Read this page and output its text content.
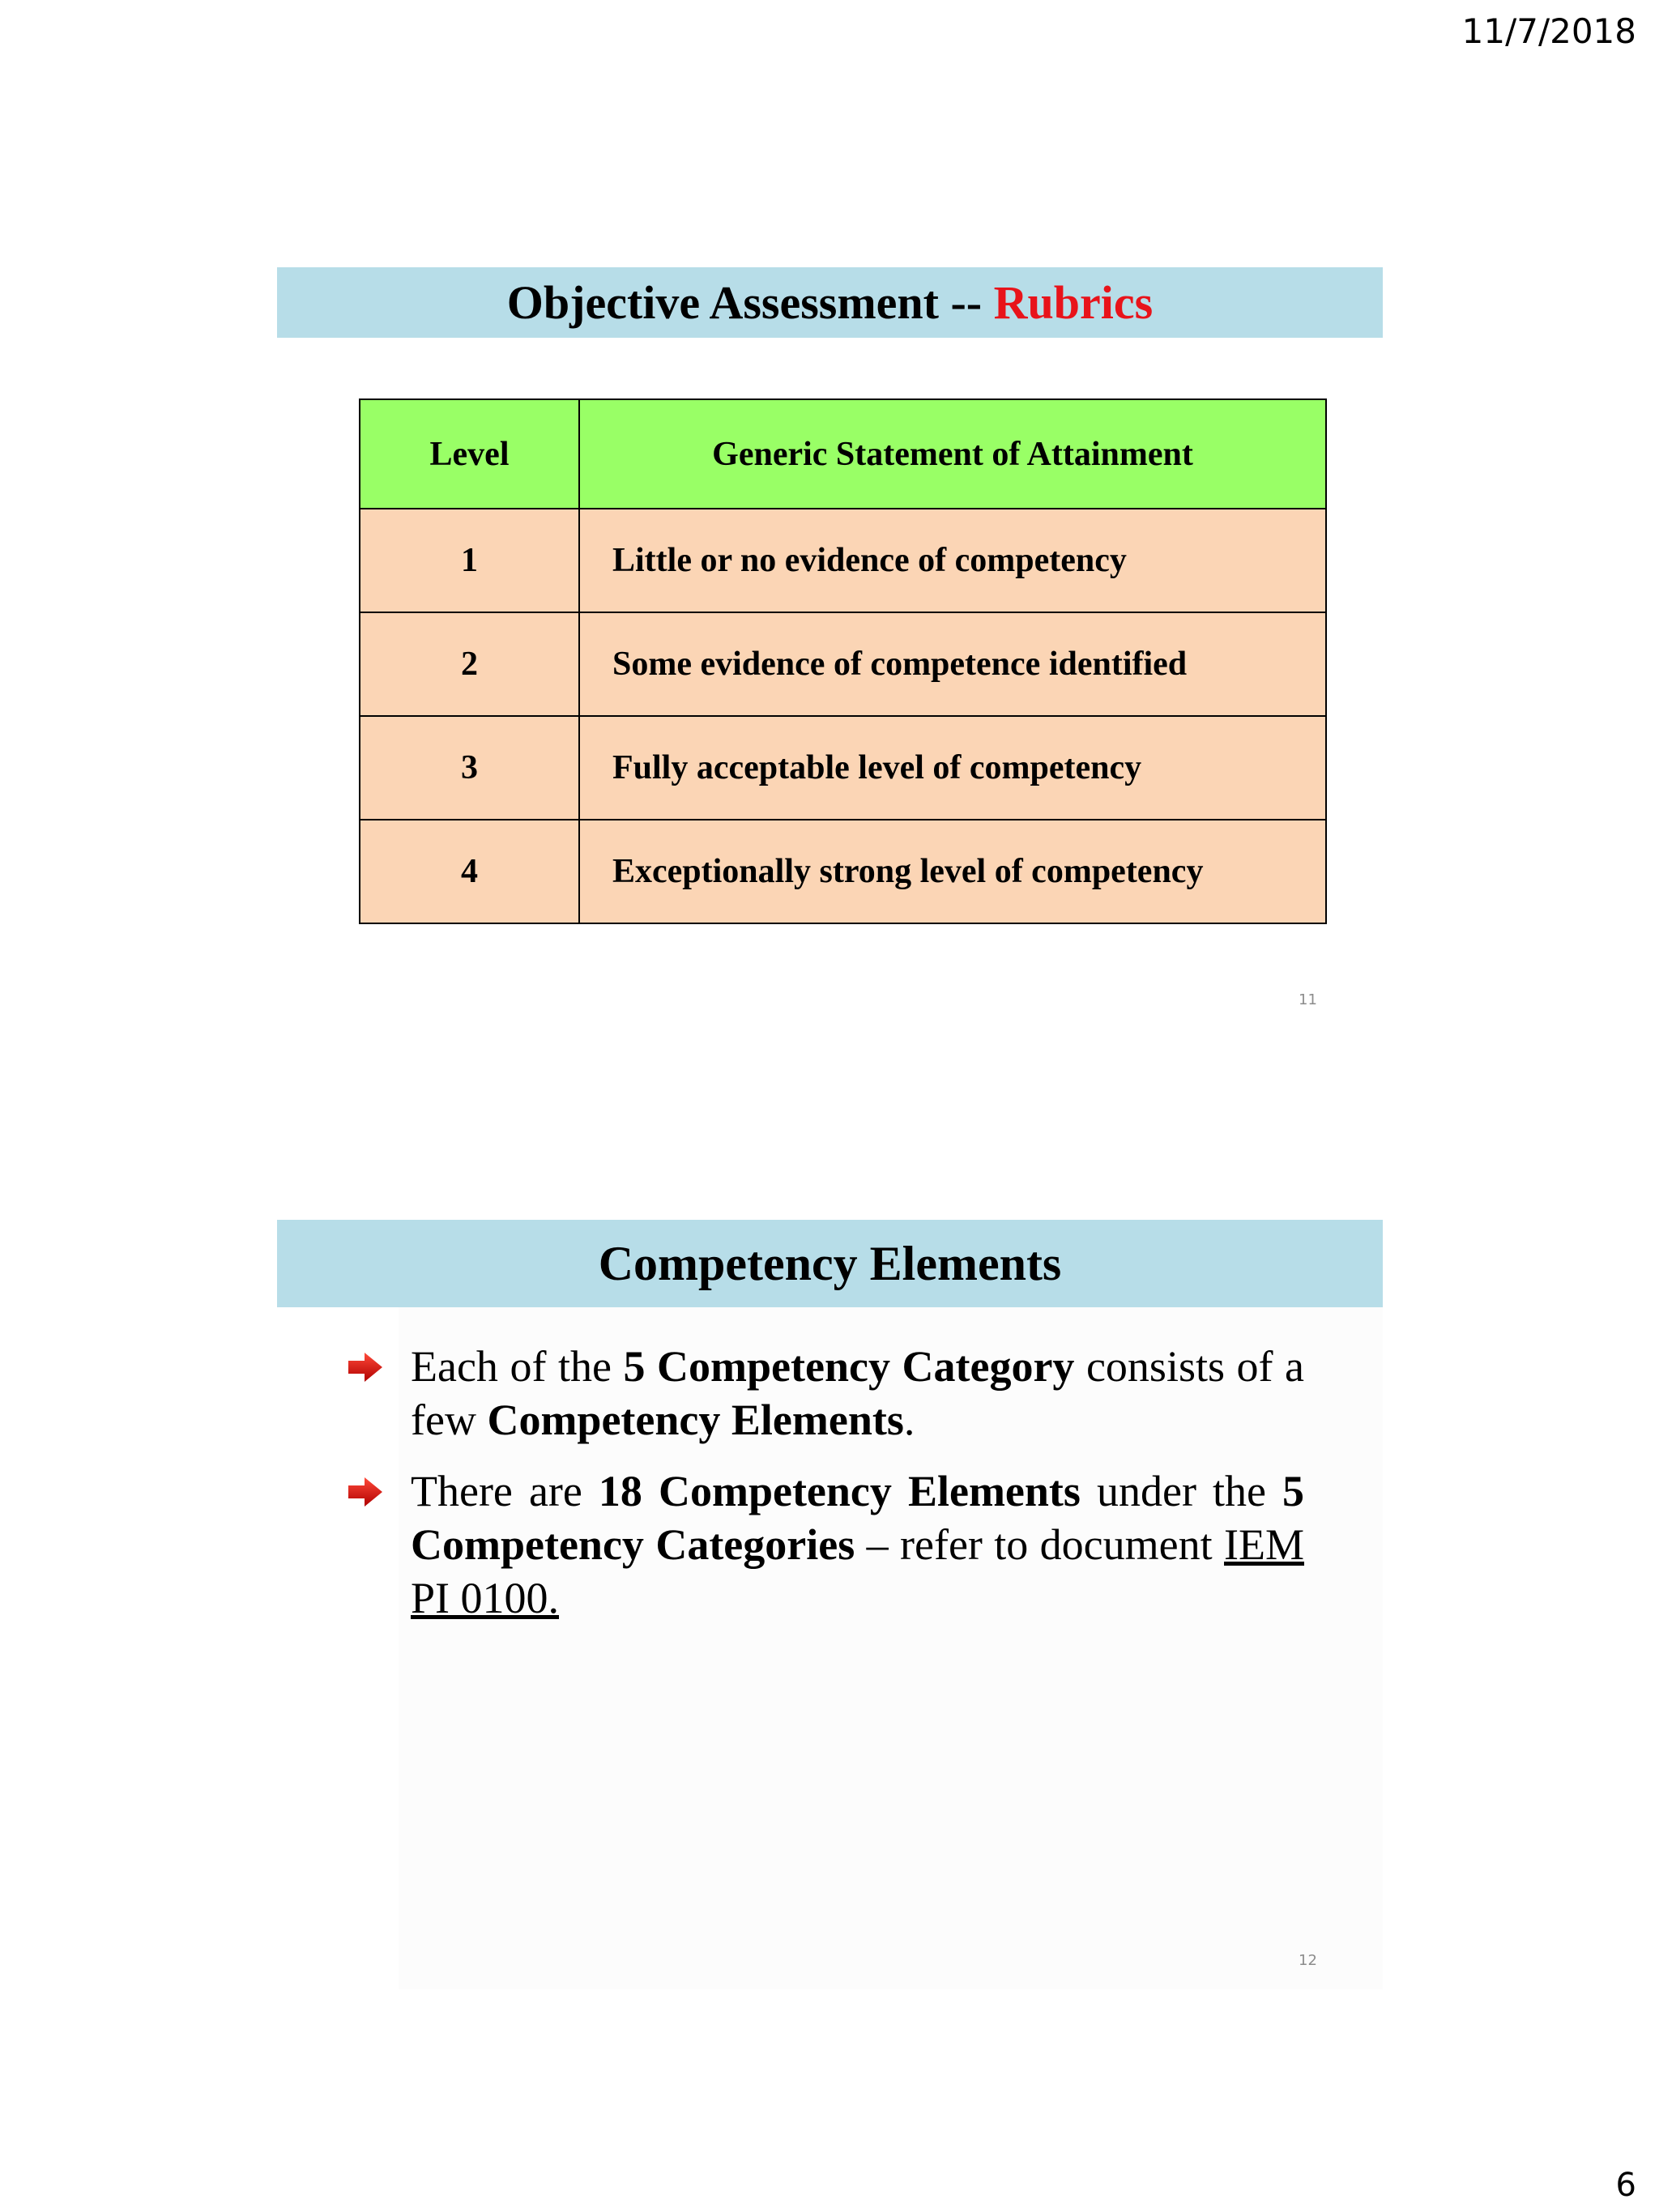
11/7/2018
Objective Assessment -- Rubrics
Level	Generic Statement of Attainment
1	Little or no evidence of competency
2	Some evidence of competence identified
3	Fully acceptable level of competency
4	Exceptionally strong level of competency
11
Competency Elements
Each of the 5 Competency Category consists of a few Competency Elements.
There are 18 Competency Elements under the 5 Competency Categories – refer to document IEM PI 0100.
12
6
